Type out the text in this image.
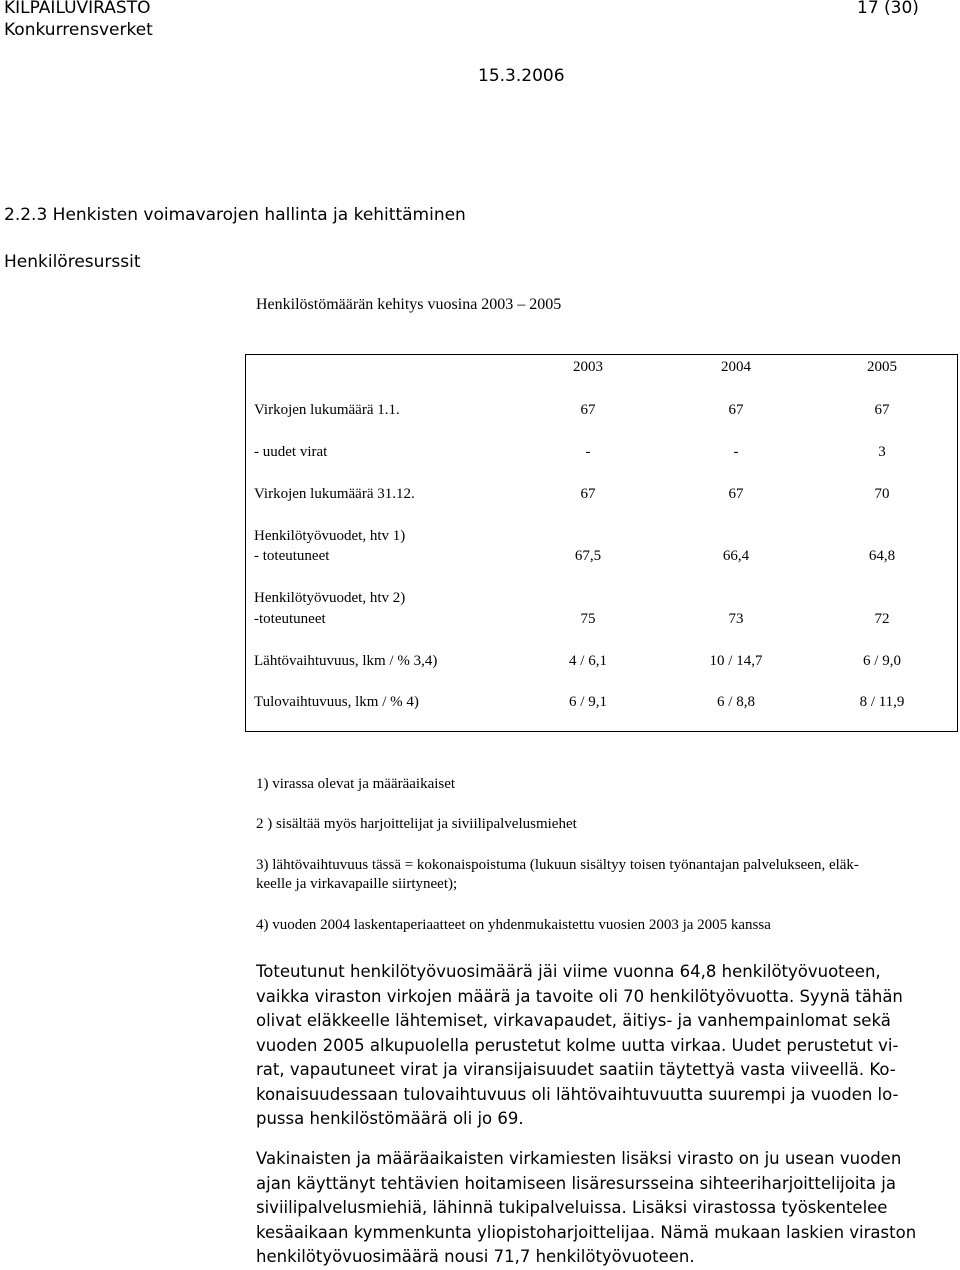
KILPAILUVIRASTO
Konkurrensverket
17 (30)
15.3.2006
2.2.3 Henkisten voimavarojen hallinta ja kehittäminen
Henkilöresurssit
Henkilöstömäärän kehitys vuosina 2003 – 2005
2003	2004	2005
Virkojen lukumäärä 1.1.	67	67	67
- uudet virat	-	-	3
Virkojen lukumäärä 31.12.	67	67	70
Henkilötyövuodet, htv 1)
- toteutuneet	67,5	66,4	64,8
Henkilötyövuodet, htv 2)
-toteutuneet	75	73	72
Lähtövaihtuvuus, lkm / % 3,4)	4 / 6,1	10 / 14,7	6 / 9,0
Tulovaihtuvuus, lkm / % 4)	6 / 9,1	6 / 8,8	8 / 11,9
1) virassa olevat ja määräaikaiset
2 ) sisältää myös harjoittelijat ja siviilipalvelusmiehet
3) lähtövaihtuvuus tässä = kokonaispoistuma (lukuun sisältyy toisen työnantajan palvelukseen, eläk-
keelle ja virkavapaille siirtyneet);
4) vuoden 2004 laskentaperiaatteet on yhdenmukaistettu vuosien 2003 ja 2005 kanssa
Toteutunut henkilötyövuosimäärä jäi viime vuonna 64,8 henkilötyövuoteen,
vaikka viraston virkojen määrä ja tavoite oli 70 henkilötyövuotta. Syynä tähän
olivat eläkkeelle lähtemiset, virkavapaudet, äitiys- ja vanhempainlomat sekä
vuoden 2005 alkupuolella perustetut kolme uutta virkaa. Uudet perustetut vi-
rat, vapautuneet virat ja viransijaisuudet saatiin täytettyä vasta viiveellä. Ko-
konaisuudessaan tulovaihtuvuus oli lähtövaihtuvuutta suurempi ja vuoden lo-
pussa henkilöstömäärä oli jo 69.
Vakinaisten ja määräaikaisten virkamiesten lisäksi virasto on ju usean vuoden
ajan käyttänyt tehtävien hoitamiseen lisäresursseina sihteeriharjoittelijoita ja
siviilipalvelusmiehiä, lähinnä tukipalveluissa. Lisäksi virastossa työskentelee
kesäaikaan kymmenkunta yliopistoharjoittelijaa. Nämä mukaan laskien viraston
henkilötyövuosimäärä nousi 71,7 henkilötyövuoteen.
